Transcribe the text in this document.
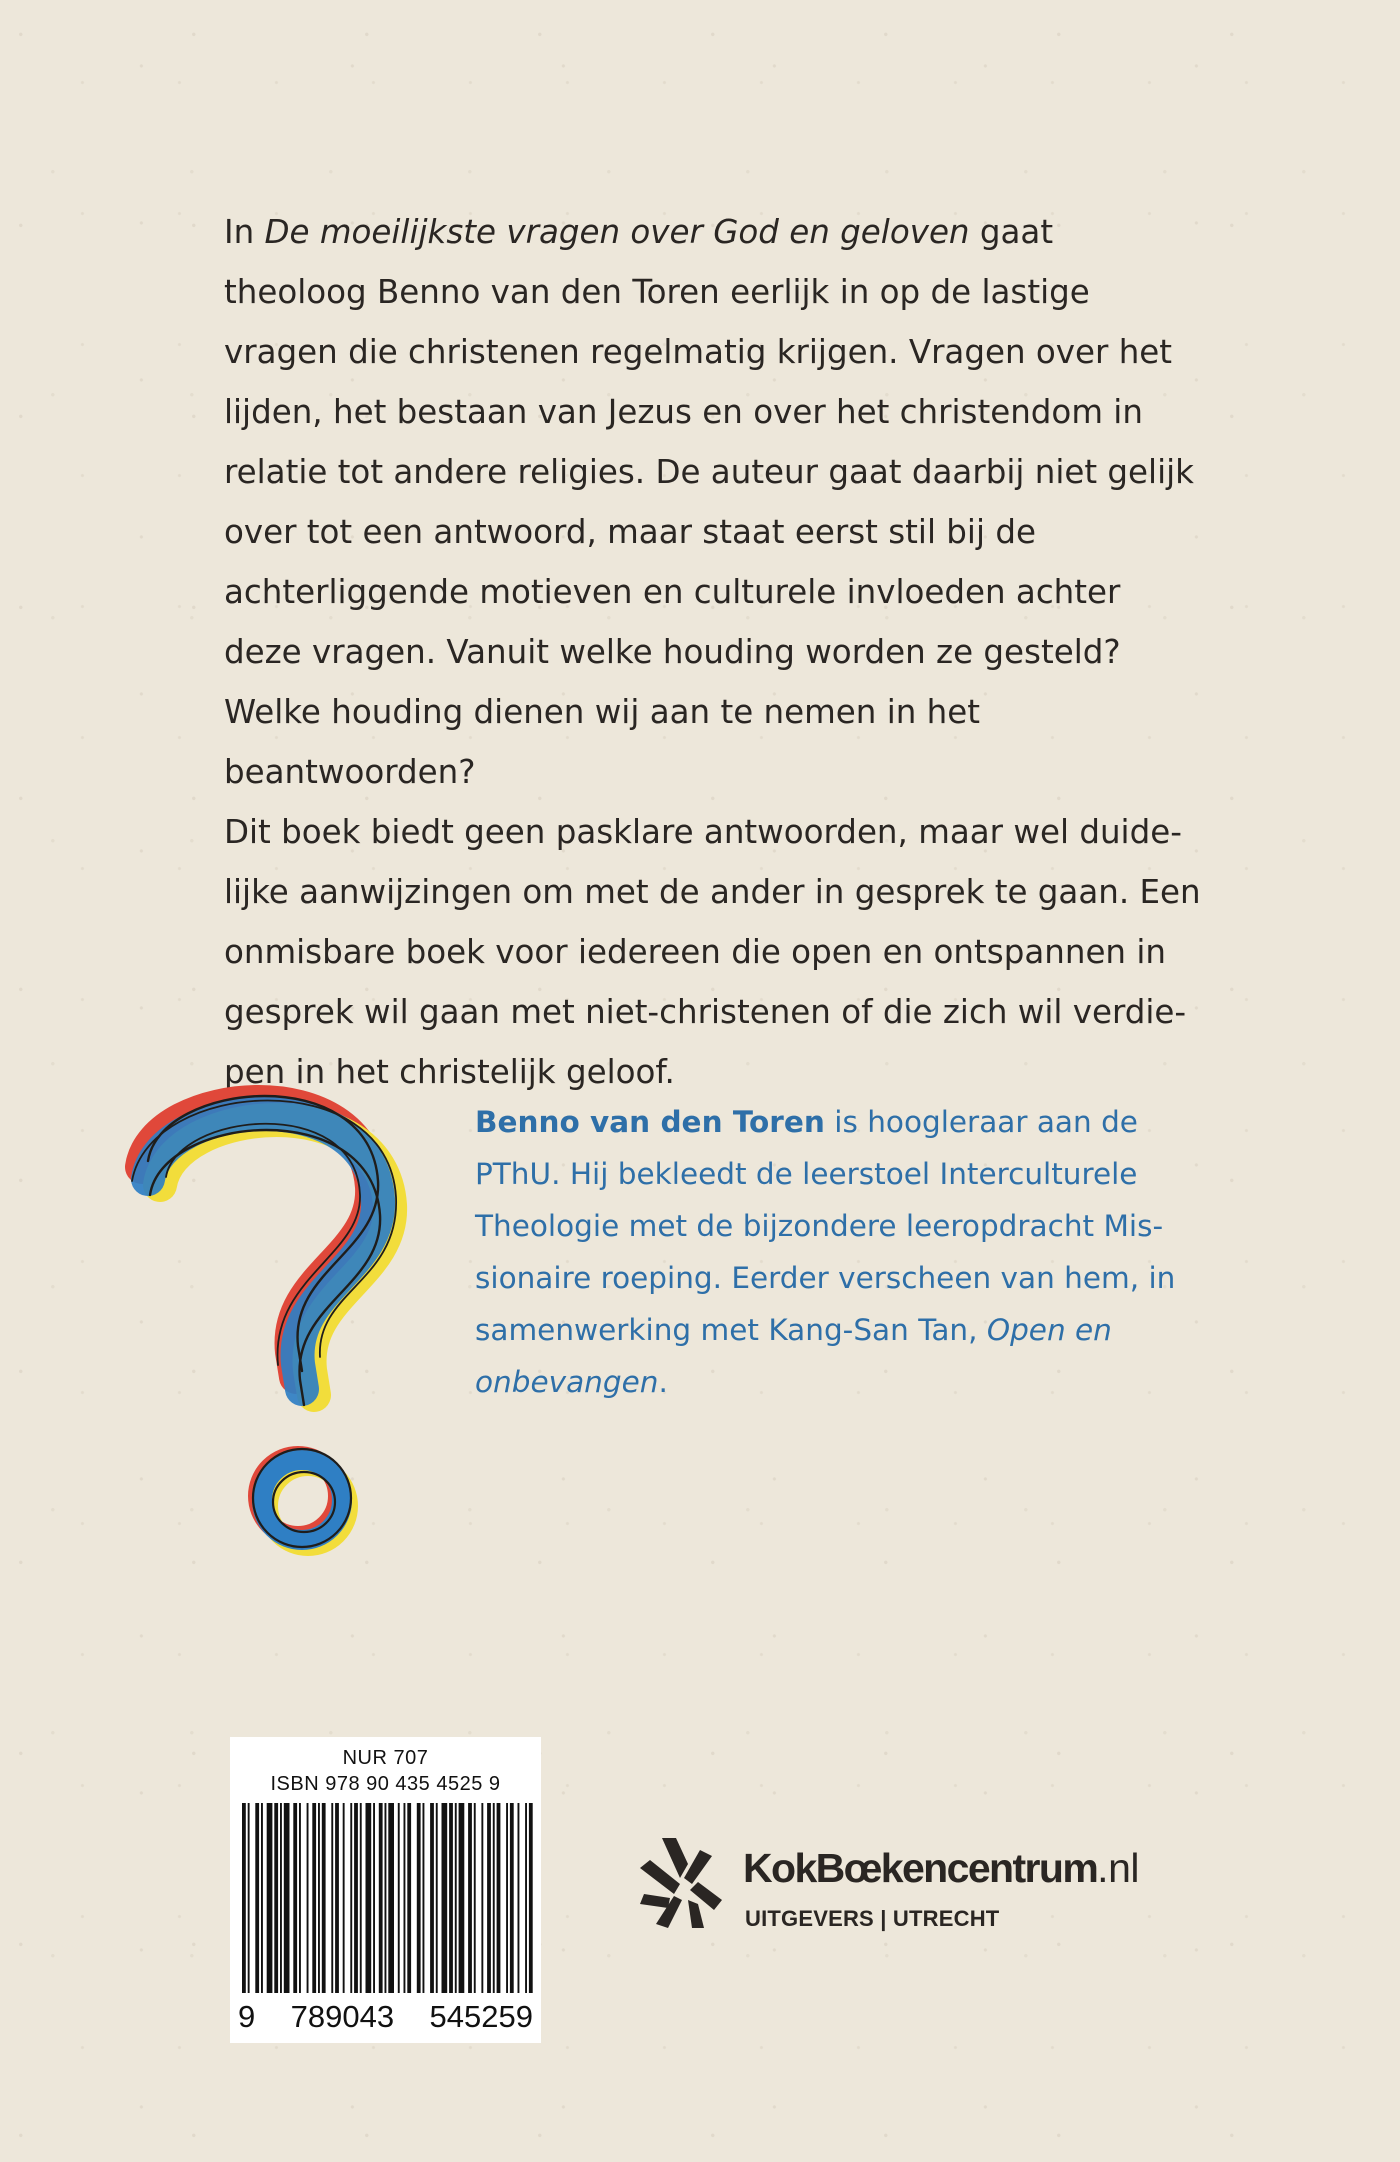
In De moeilijkste vragen over God en geloven gaat theoloog Benno van den Toren eerlijk in op de lastige vragen die christenen regelmatig krijgen. Vragen over het lijden, het bestaan van Jezus en over het christendom in relatie tot andere religies. De auteur gaat daarbij niet gelijk over tot een antwoord, maar staat eerst stil bij de achterliggende motieven en culturele invloeden achter deze vragen. Vanuit welke houding worden ze gesteld? Welke houding dienen wij aan te nemen in het beantwoorden?

Dit boek biedt geen pasklare antwoorden, maar wel duidelijke aanwijzingen om met de ander in gesprek te gaan. Een onmisbare boek voor iedereen die open en ontspannen in gesprek wil gaan met niet-christenen of die zich wil verdiepen in het christelijk geloof.

Benno van den Toren is hoogleraar aan de PThU. Hij bekleedt de leerstoel Interculturele Theologie met de bijzondere leeropdracht Missionaire roeping. Eerder verscheen van hem, in samenwerking met Kang-San Tan, Open en onbevangen.
NUR 707
ISBN 978 90 435 4525 9
9 789043 545259
KokBœkencentrum.nl
UITGEVERS | UTRECHT
